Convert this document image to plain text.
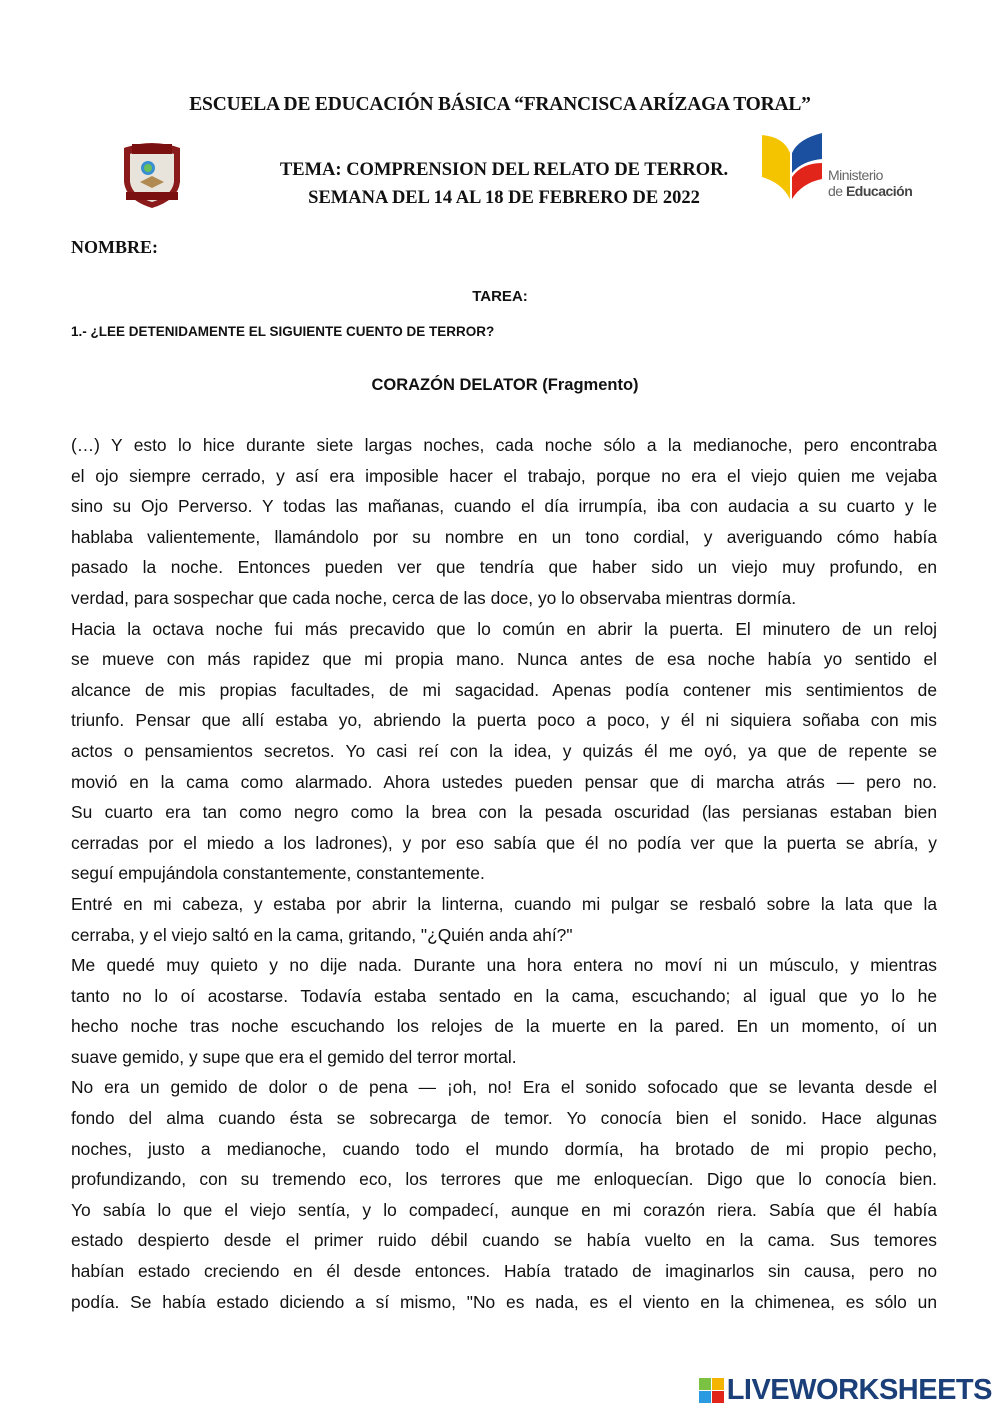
ESCUELA DE EDUCACIÓN BÁSICA “FRANCISCA ARÍZAGA TORAL”
TEMA: COMPRENSION DEL RELATO DE TERROR.
SEMANA DEL 14 AL 18 DE FEBRERO DE 2022
Ministerio
de Educación
NOMBRE:
TAREA:
1.- ¿LEE DETENIDAMENTE EL SIGUIENTE CUENTO DE TERROR?
CORAZÓN DELATOR (Fragmento)
(…) Y esto lo hice durante siete largas noches, cada noche sólo a la medianoche, pero encontraba
el ojo siempre cerrado, y así era imposible hacer el trabajo, porque no era el viejo quien me vejaba
sino su Ojo Perverso. Y todas las mañanas, cuando el día irrumpía, iba con audacia a su cuarto y le
hablaba valientemente, llamándolo por su nombre en un tono cordial, y averiguando cómo había
pasado la noche. Entonces pueden ver que tendría que haber sido un viejo muy profundo, en
verdad, para sospechar que cada noche, cerca de las doce, yo lo observaba mientras dormía.
Hacia la octava noche fui más precavido que lo común en abrir la puerta. El minutero de un reloj
se mueve con más rapidez que mi propia mano. Nunca antes de esa noche había yo sentido el
alcance de mis propias facultades, de mi sagacidad. Apenas podía contener mis sentimientos de
triunfo. Pensar que allí estaba yo, abriendo la puerta poco a poco, y él ni siquiera soñaba con mis
actos o pensamientos secretos. Yo casi reí con la idea, y quizás él me oyó, ya que de repente se
movió en la cama como alarmado. Ahora ustedes pueden pensar que di marcha atrás — pero no.
Su cuarto era tan como negro como la brea con la pesada oscuridad (las persianas estaban bien
cerradas por el miedo a los ladrones), y por eso sabía que él no podía ver que la puerta se abría, y
seguí empujándola constantemente, constantemente.
Entré en mi cabeza, y estaba por abrir la linterna, cuando mi pulgar se resbaló sobre la lata que la
cerraba, y el viejo saltó en la cama, gritando, "¿Quién anda ahí?"
Me quedé muy quieto y no dije nada. Durante una hora entera no moví ni un músculo, y mientras
tanto no lo oí acostarse. Todavía estaba sentado en la cama, escuchando; al igual que yo lo he
hecho noche tras noche escuchando los relojes de la muerte en la pared. En un momento, oí un
suave gemido, y supe que era el gemido del terror mortal.
No era un gemido de dolor o de pena — ¡oh, no! Era el sonido sofocado que se levanta desde el
fondo del alma cuando ésta se sobrecarga de temor. Yo conocía bien el sonido. Hace algunas
noches, justo a medianoche, cuando todo el mundo dormía, ha brotado de mi propio pecho,
profundizando, con su tremendo eco, los terrores que me enloquecían. Digo que lo conocía bien.
Yo sabía lo que el viejo sentía, y lo compadecí, aunque en mi corazón riera. Sabía que él había
estado despierto desde el primer ruido débil cuando se había vuelto en la cama. Sus temores
habían estado creciendo en él desde entonces. Había tratado de imaginarlos sin causa, pero no
podía. Se había estado diciendo a sí mismo, "No es nada, es el viento en la chimenea, es sólo un
LIVEWORKSHEETS
